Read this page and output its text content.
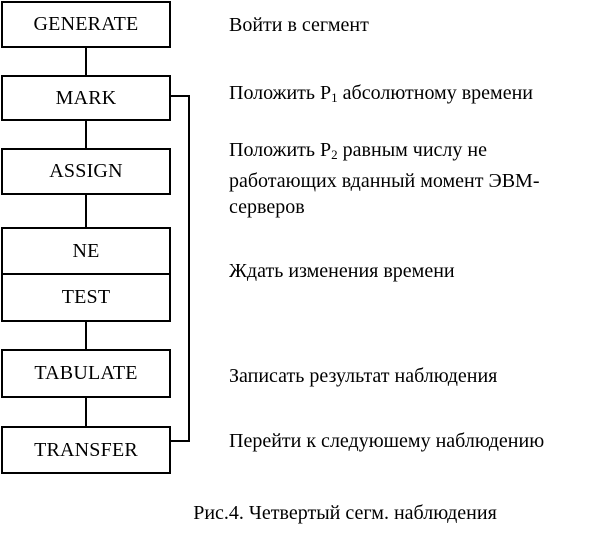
GENERATE
MARK
ASSIGN
NE
TEST
TABULATE
TRANSFER
Войти в сегмент
Положить $P_1$ абсолютному времени
Положить $P_2$ равным числу не
работающих вданный момент ЭВМ-
серверов
Ждать изменения времени
Записать результат наблюдения
Перейти к следуюшему наблюдению
Рис.4. Четвертый сегм. наблюдения
